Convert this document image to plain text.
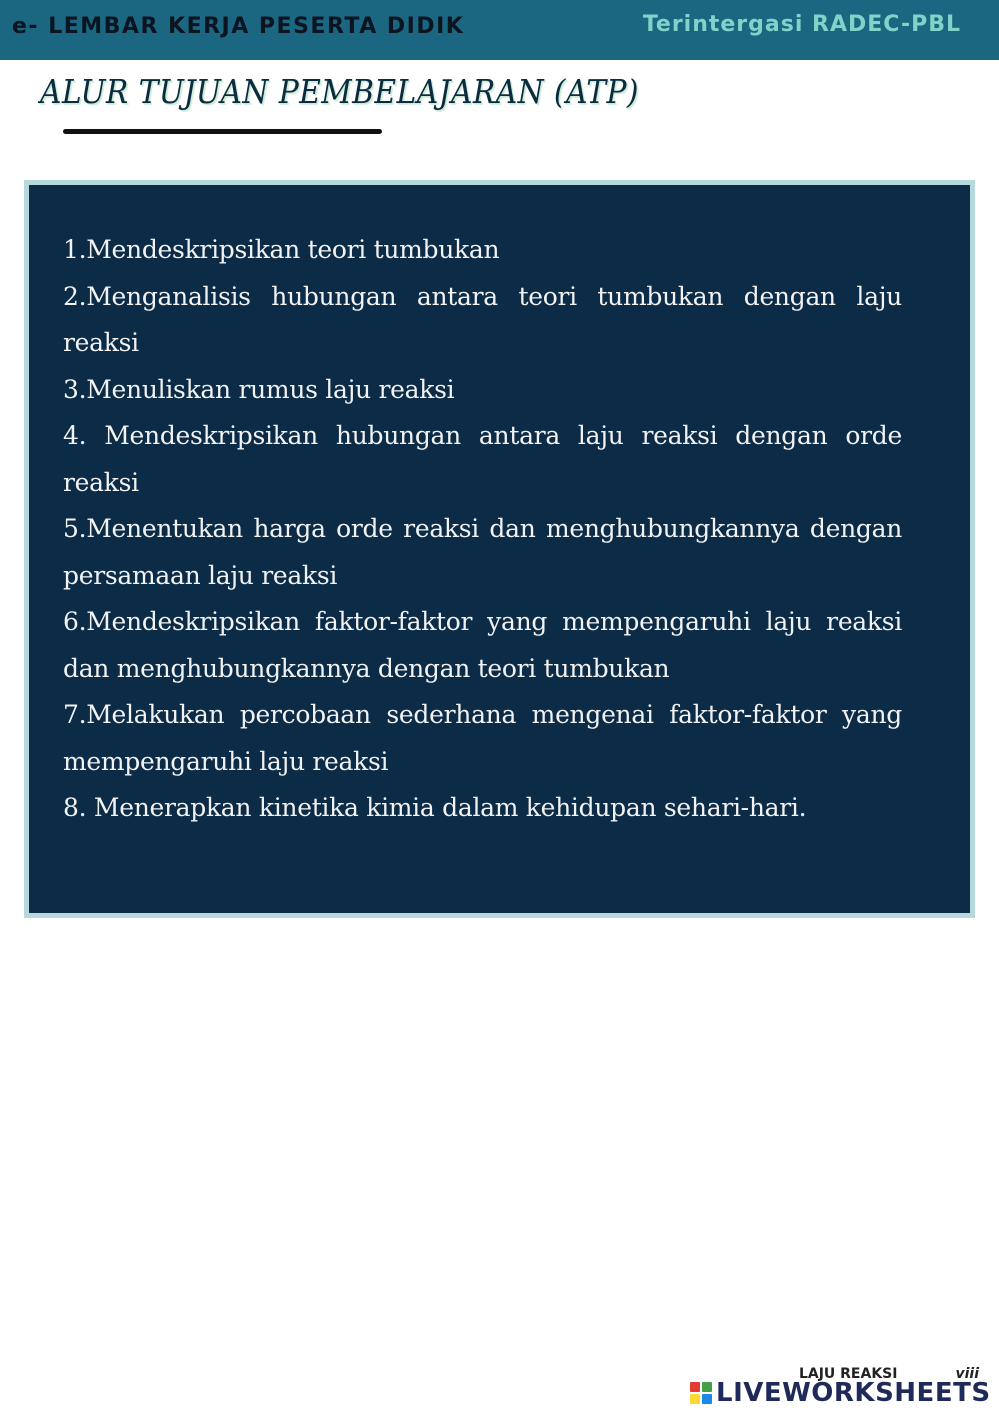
e- LEMBAR KERJA PESERTA DIDIK	Terintergasi RADEC-PBL
ALUR TUJUAN PEMBELAJARAN (ATP)
1.Mendeskripsikan teori tumbukan
2.Menganalisis hubungan antara teori tumbukan dengan laju reaksi
3.Menuliskan rumus laju reaksi
4. Mendeskripsikan hubungan antara laju reaksi dengan orde reaksi
5.Menentukan harga orde reaksi dan menghubungkannya dengan persamaan laju reaksi
6.Mendeskripsikan faktor-faktor yang mempengaruhi laju reaksi dan menghubungkannya dengan teori tumbukan
7.Melakukan percobaan sederhana mengenai faktor-faktor yang mempengaruhi laju reaksi
8. Menerapkan kinetika kimia dalam kehidupan sehari-hari.
LAJU REAKSI	viii
LIVEWORKSHEETS
